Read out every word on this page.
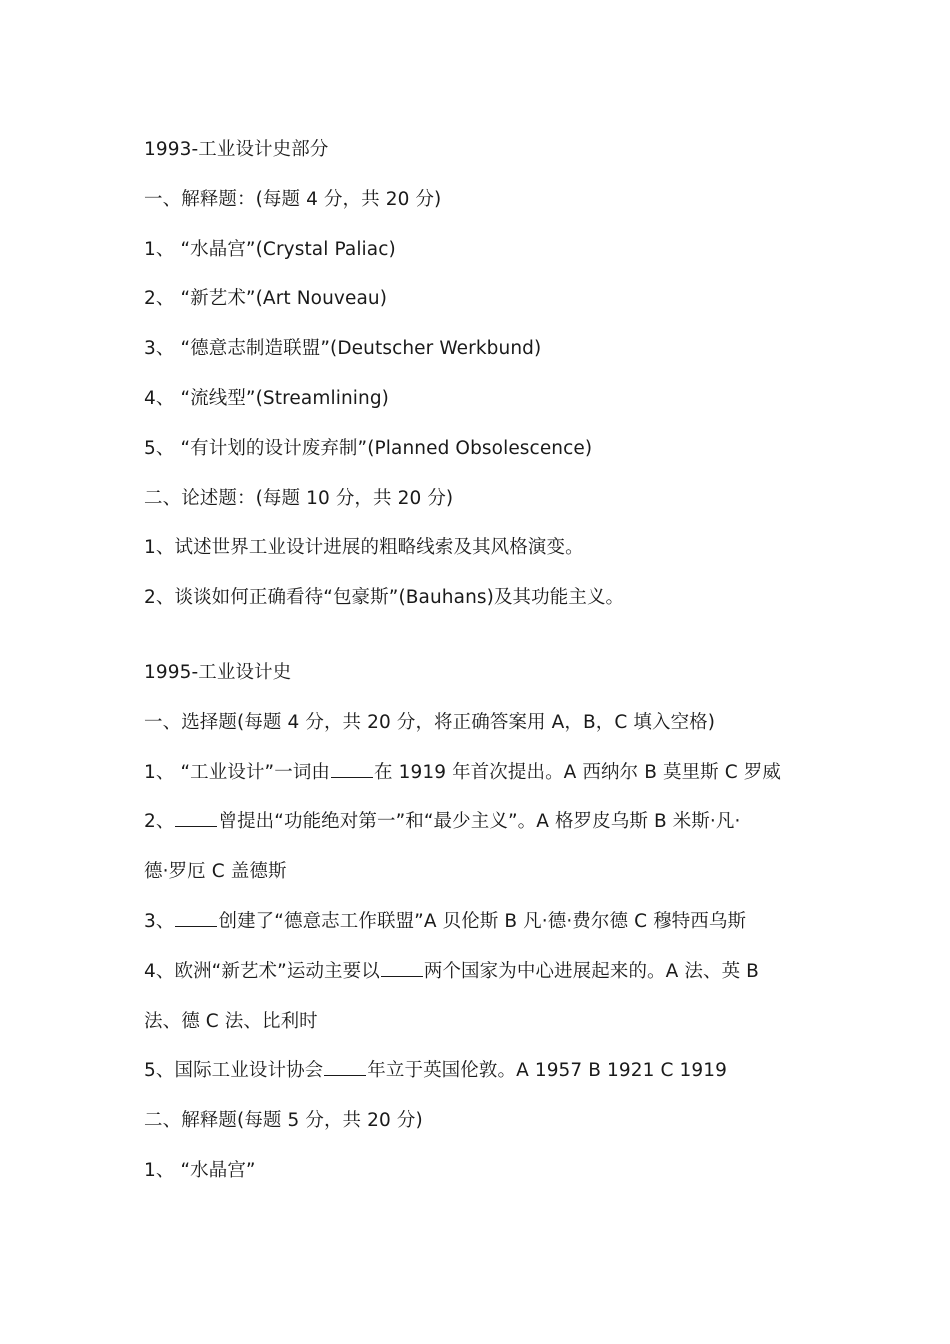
1993-工业设计史部分
一、解释题：(每题 4 分，共 20 分)
1、 “水晶宫”(Crystal Paliac)
2、 “新艺术”(Art Nouveau)
3、 “德意志制造联盟”(Deutscher Werkbund)
4、 “流线型”(Streamlining)
5、 “有计划的设计废弃制”(Planned Obsolescence)
二、论述题：(每题 10 分，共 20 分)
1、试述世界工业设计进展的粗略线索及其风格演变。
2、谈谈如何正确看待“包豪斯”(Bauhans)及其功能主义。
1995-工业设计史
一、选择题(每题 4 分，共 20 分，将正确答案用 A，B，C 填入空格)
1、 “工业设计”一词由 在 1919 年首次提出。A 西纳尔 B 莫里斯 C 罗威
2、 曾提出“功能绝对第一”和“最少主义”。A 格罗皮乌斯 B 米斯·凡·
德·罗厄 C 盖德斯
3、 创建了“德意志工作联盟”A 贝伦斯 B 凡·德·费尔德 C 穆特西乌斯
4、欧洲“新艺术”运动主要以 两个国家为中心进展起来的。A 法、英 B
法、德 C 法、比利时
5、国际工业设计协会 年立于英国伦敦。A 1957 B 1921 C 1919
二、解释题(每题 5 分，共 20 分)
1、 “水晶宫”
